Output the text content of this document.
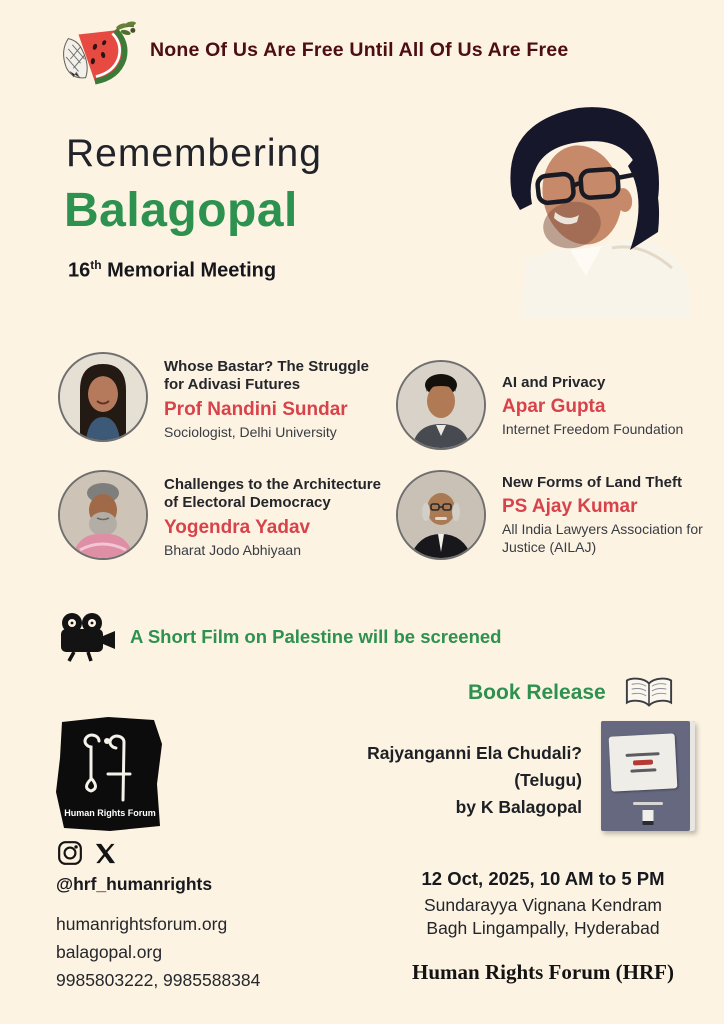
None Of Us Are Free Until All Of Us Are Free
Remembering
Balagopal
16th Memorial Meeting
Whose Bastar? The Struggle for Adivasi Futures
Prof Nandini Sundar
Sociologist, Delhi University
AI and Privacy
Apar Gupta
Internet Freedom Foundation
Challenges to the Architecture of Electoral Democracy
Yogendra Yadav
Bharat Jodo Abhiyaan
New Forms of Land Theft
PS Ajay Kumar
All India Lawyers Association for Justice (AILAJ)
A Short Film on Palestine will be screened
Book Release
Rajyanganni Ela Chudali?
(Telugu)
by K Balagopal
Human Rights Forum
@hrf_humanrights
humanrightsforum.org
balagopal.org
9985803222, 9985588384
12 Oct, 2025, 10 AM to 5 PM
Sundarayya Vignana Kendram
Bagh Lingampally, Hyderabad
Human Rights Forum (HRF)
